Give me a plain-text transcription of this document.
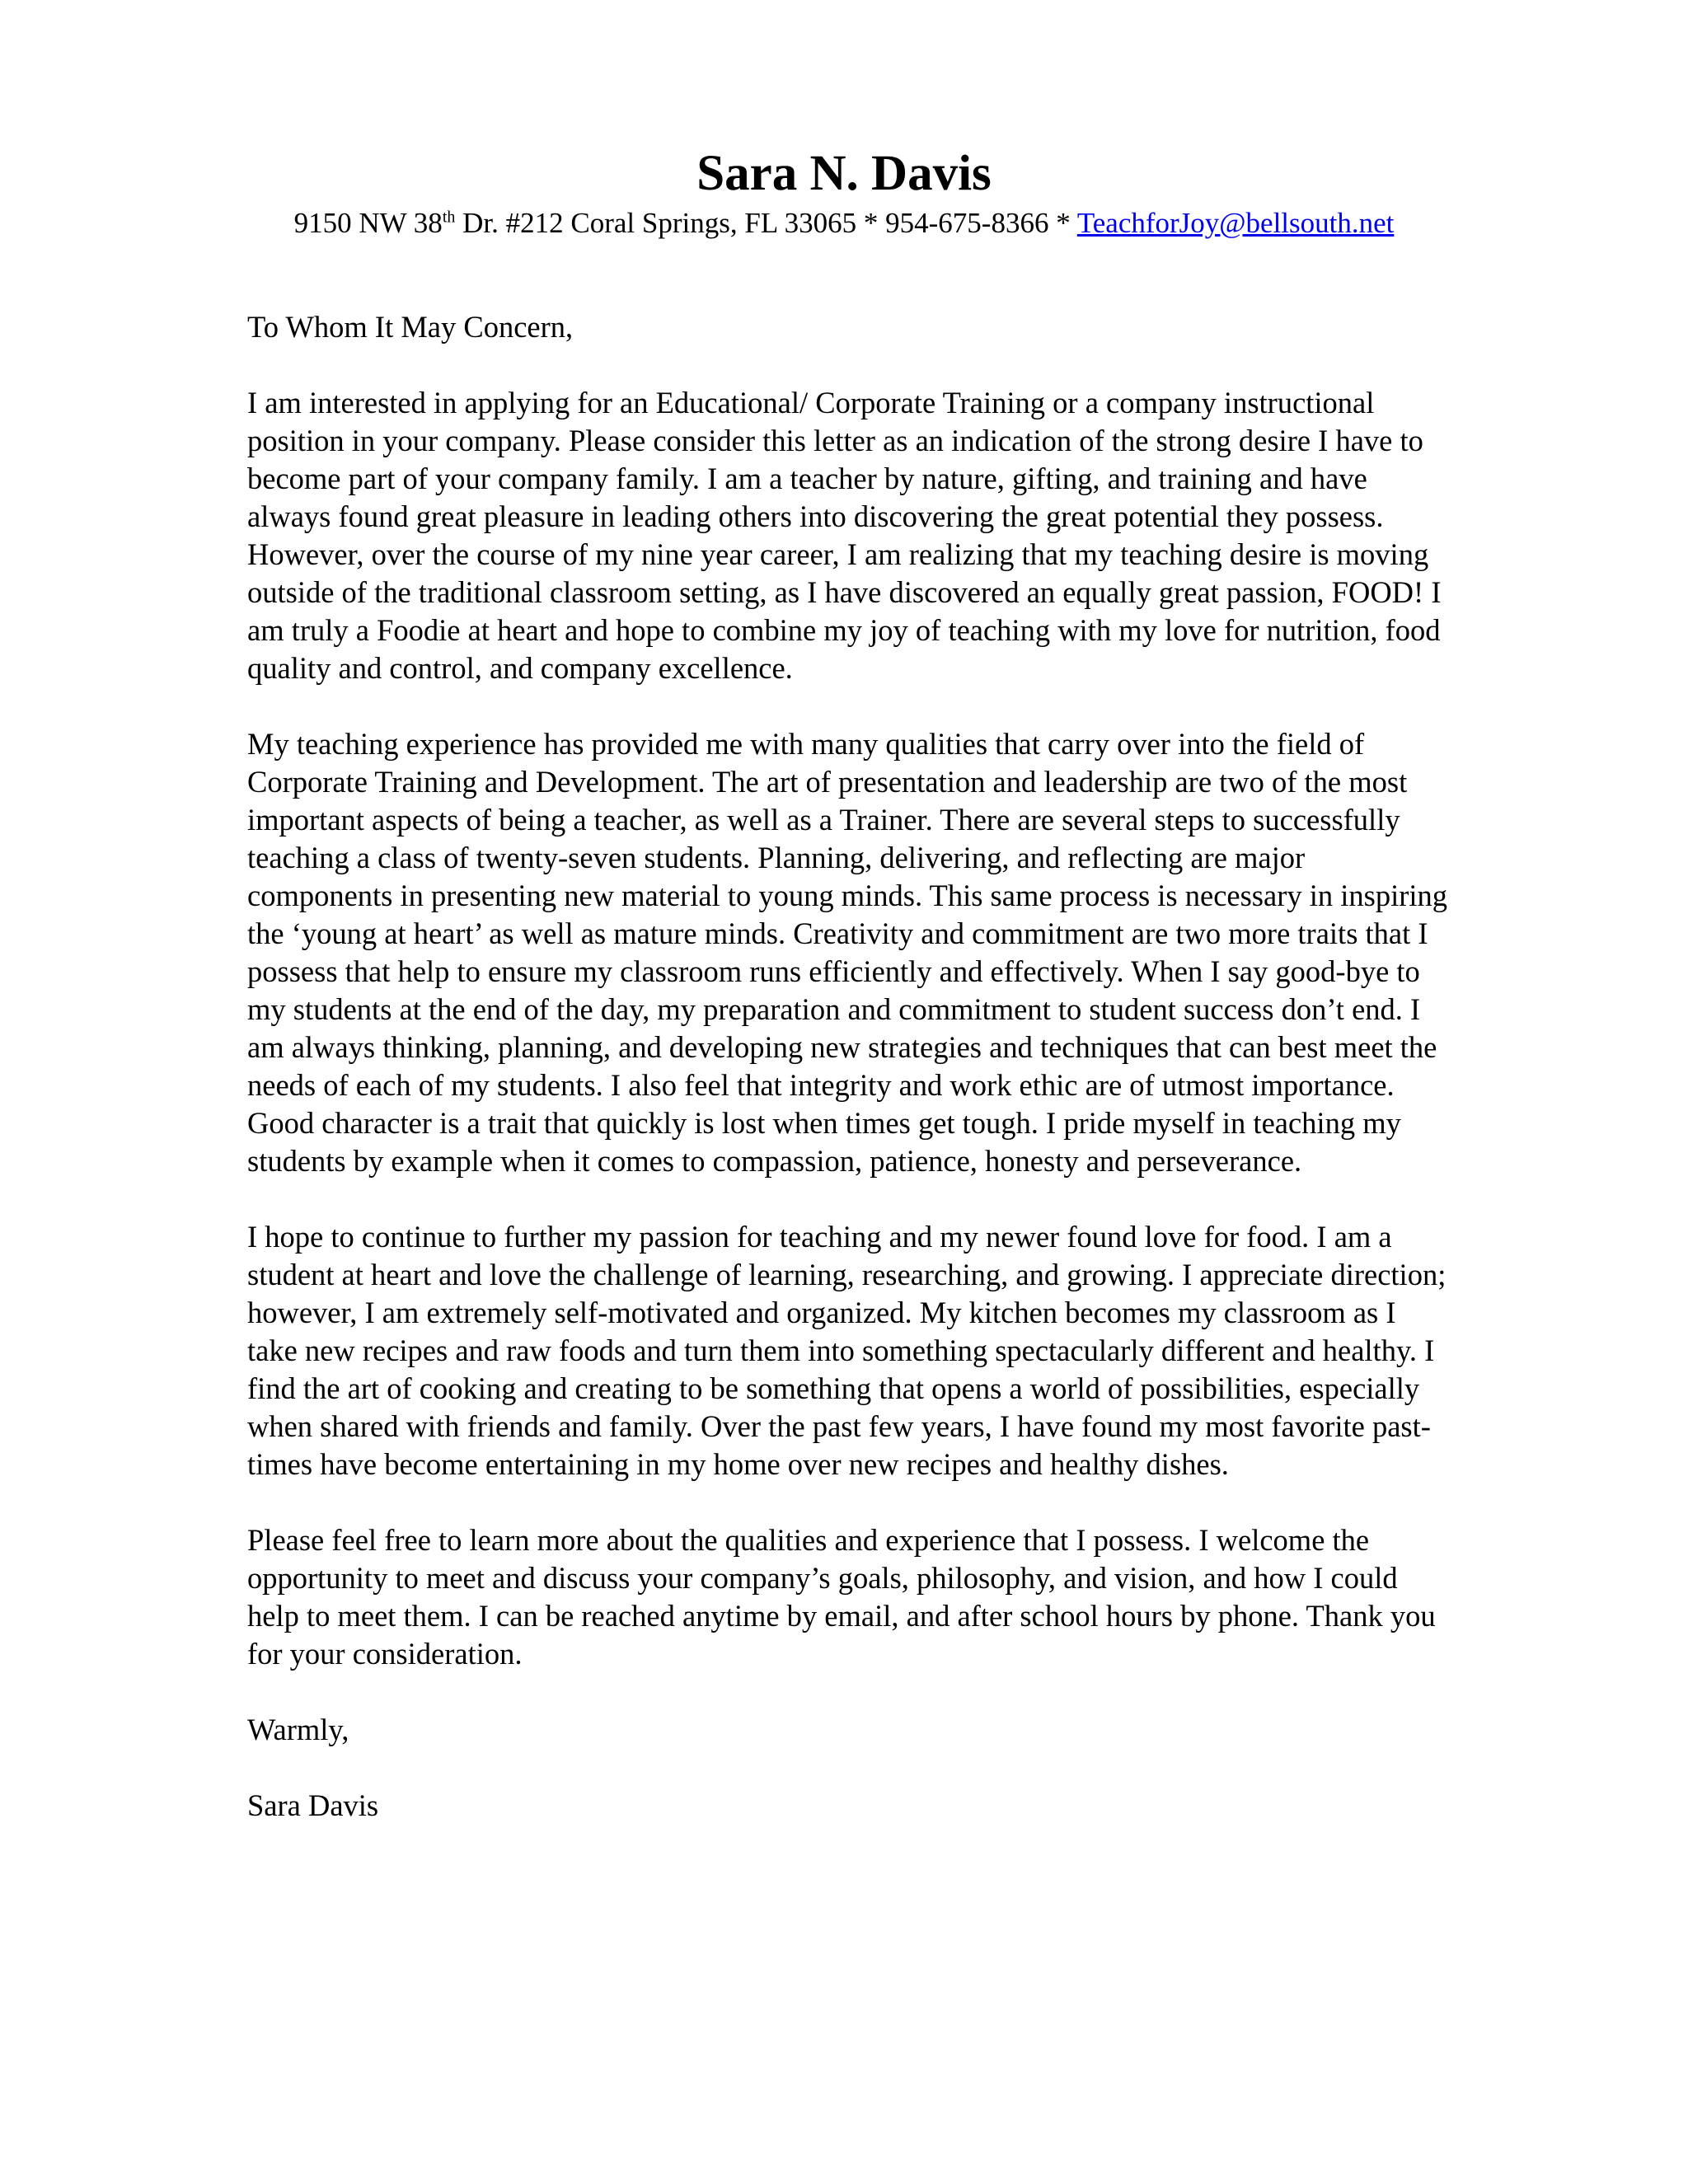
Sara N. Davis

9150 NW 38th Dr. #212 Coral Springs, FL 33065 * 954-675-8366 * TeachforJoy@bellsouth.net

To Whom It May Concern,

I am interested in applying for an Educational/ Corporate Training or a company instructional position in your company. Please consider this letter as an indication of the strong desire I have to become part of your company family. I am a teacher by nature, gifting, and training and have always found great pleasure in leading others into discovering the great potential they possess. However, over the course of my nine year career, I am realizing that my teaching desire is moving outside of the traditional classroom setting, as I have discovered an equally great passion, FOOD! I am truly a Foodie at heart and hope to combine my joy of teaching with my love for nutrition, food quality and control, and company excellence.

My teaching experience has provided me with many qualities that carry over into the field of Corporate Training and Development. The art of presentation and leadership are two of the most important aspects of being a teacher, as well as a Trainer. There are several steps to successfully teaching a class of twenty-seven students. Planning, delivering, and reflecting are major components in presenting new material to young minds. This same process is necessary in inspiring the ‘young at heart’ as well as mature minds. Creativity and commitment are two more traits that I possess that help to ensure my classroom runs efficiently and effectively. When I say good-bye to my students at the end of the day, my preparation and commitment to student success don’t end. I am always thinking, planning, and developing new strategies and techniques that can best meet the needs of each of my students. I also feel that integrity and work ethic are of utmost importance. Good character is a trait that quickly is lost when times get tough. I pride myself in teaching my students by example when it comes to compassion, patience, honesty and perseverance.

I hope to continue to further my passion for teaching and my newer found love for food. I am a student at heart and love the challenge of learning, researching, and growing. I appreciate direction; however, I am extremely self-motivated and organized. My kitchen becomes my classroom as I take new recipes and raw foods and turn them into something spectacularly different and healthy. I find the art of cooking and creating to be something that opens a world of possibilities, especially when shared with friends and family. Over the past few years, I have found my most favorite past-times have become entertaining in my home over new recipes and healthy dishes.

Please feel free to learn more about the qualities and experience that I possess. I welcome the opportunity to meet and discuss your company’s goals, philosophy, and vision, and how I could help to meet them. I can be reached anytime by email, and after school hours by phone. Thank you for your consideration.

Warmly,

Sara Davis
